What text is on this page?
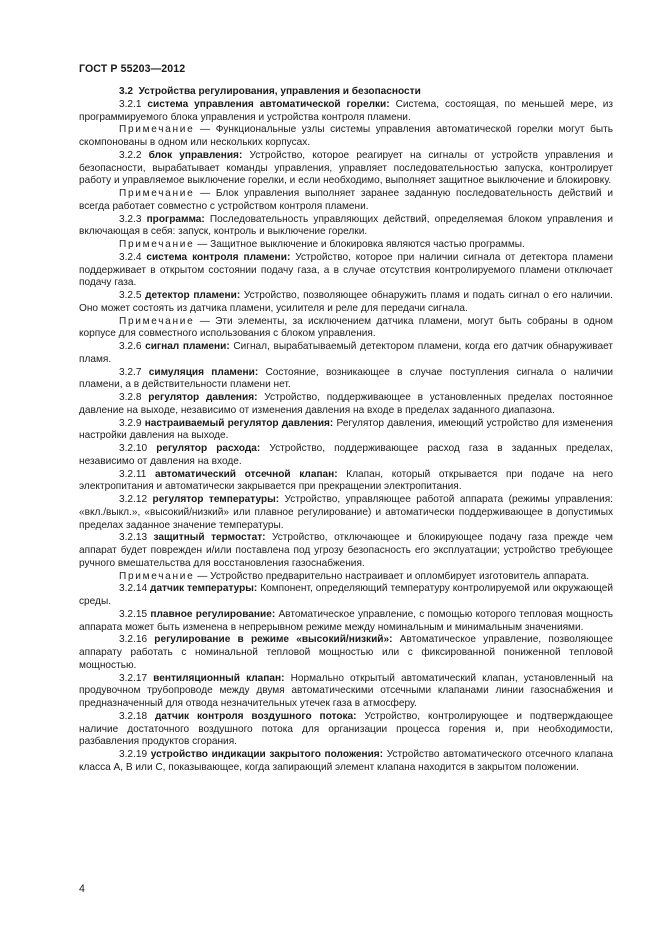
ГОСТ Р 55203—2012

3.2 Устройства регулирования, управления и безопасности

3.2.1 система управления автоматической горелки: Система, состоящая, по меньшей мере, из программируемого блока управления и устройства контроля пламени.

Примечание — Функциональные узлы системы управления автоматической горелки могут быть скомпонованы в одном или нескольких корпусах.

3.2.2 блок управления: Устройство, которое реагирует на сигналы от устройств управления и безопасности, вырабатывает команды управления, управляет последовательностью запуска, контролирует работу и управляемое выключение горелки, и если необходимо, выполняет защитное выключение и блокировку.

Примечание — Блок управления выполняет заранее заданную последовательность действий и всегда работает совместно с устройством контроля пламени.

3.2.3 программа: Последовательность управляющих действий, определяемая блоком управления и включающая в себя: запуск, контроль и выключение горелки.

Примечание — Защитное выключение и блокировка являются частью программы.

3.2.4 система контроля пламени: Устройство, которое при наличии сигнала от детектора пламени поддерживает в открытом состоянии подачу газа, а в случае отсутствия контролируемого пламени отключает подачу газа.

3.2.5 детектор пламени: Устройство, позволяющее обнаружить пламя и подать сигнал о его наличии. Оно может состоять из датчика пламени, усилителя и реле для передачи сигнала.

Примечание — Эти элементы, за исключением датчика пламени, могут быть собраны в одном корпусе для совместного использования с блоком управления.

3.2.6 сигнал пламени: Сигнал, вырабатываемый детектором пламени, когда его датчик обнаруживает пламя.

3.2.7 симуляция пламени: Состояние, возникающее в случае поступления сигнала о наличии пламени, а в действительности пламени нет.

3.2.8 регулятор давления: Устройство, поддерживающее в установленных пределах постоянное давление на выходе, независимо от изменения давления на входе в пределах заданного диапазона.

3.2.9 настраиваемый регулятор давления: Регулятор давления, имеющий устройство для изменения настройки давления на выходе.

3.2.10 регулятор расхода: Устройство, поддерживающее расход газа в заданных пределах, независимо от давления на входе.

3.2.11 автоматический отсечной клапан: Клапан, который открывается при подаче на него электропитания и автоматически закрывается при прекращении электропитания.

3.2.12 регулятор температуры: Устройство, управляющее работой аппарата (режимы управления: «вкл./выкл.», «высокий/низкий» или плавное регулирование) и автоматически поддерживающее в допустимых пределах заданное значение температуры.

3.2.13 защитный термостат: Устройство, отключающее и блокирующее подачу газа прежде чем аппарат будет поврежден и/или поставлена под угрозу безопасность его эксплуатации; устройство требующее ручного вмешательства для восстановления газоснабжения.

Примечание — Устройство предварительно настраивает и опломбирует изготовитель аппарата.

3.2.14 датчик температуры: Компонент, определяющий температуру контролируемой или окружающей среды.

3.2.15 плавное регулирование: Автоматическое управление, с помощью которого тепловая мощность аппарата может быть изменена в непрерывном режиме между номинальным и минимальным значениями.

3.2.16 регулирование в режиме «высокий/низкий»: Автоматическое управление, позволяющее аппарату работать с номинальной тепловой мощностью или с фиксированной пониженной тепловой мощностью.

3.2.17 вентиляционный клапан: Нормально открытый автоматический клапан, установленный на продувочном трубопроводе между двумя автоматическими отсечными клапанами линии газоснабжения и предназначенный для отвода незначительных утечек газа в атмосферу.

3.2.18 датчик контроля воздушного потока: Устройство, контролирующее и подтверждающее наличие достаточного воздушного потока для организации процесса горения и, при необходимости, разбавления продуктов сгорания.

3.2.19 устройство индикации закрытого положения: Устройство автоматического отсечного клапана класса А, В или С, показывающее, когда запирающий элемент клапана находится в закрытом положении.

4
